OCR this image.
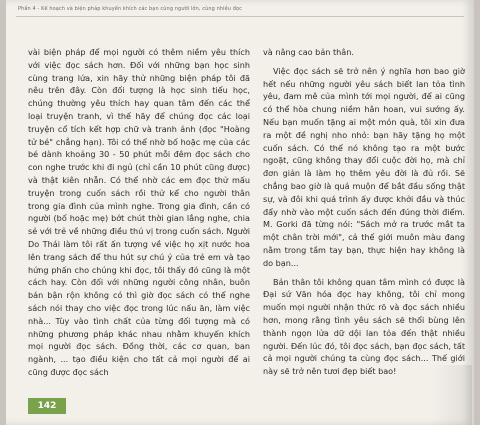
Phần 4 - Kế hoạch và biện pháp khuyến khích các bạn cùng người lớn, cùng nhiều đọc

vài biện pháp để mọi người có thêm niềm yêu thích với việc đọc sách hơn. Đối với những bạn học sinh cùng trang lứa, xin hãy thử những biện pháp tôi đã nêu trên đây. Còn đối tượng là học sinh tiểu học, chúng thường yêu thích hay quan tâm đến các thể loại truyện tranh, vì thế hãy để chúng đọc các loại truyện cổ tích kết hợp chữ và tranh ảnh (đọc "Hoàng tử bé" chẳng hạn). Tôi có thể nhờ bố hoặc mẹ của các bé dành khoảng 30 - 50 phút mỗi đêm đọc sách cho con nghe trước khi đi ngủ (chỉ cần 10 phút cũng được) và thật kiên nhẫn. Có thể nhờ các em đọc thử mấu truyện trong cuốn sách rồi thử kể cho người thân trong gia đình của mình nghe. Trong gia đình, cần có người (bố hoặc mẹ) bớt chút thời gian lắng nghe, chia sẻ với trẻ về những điều thú vị trong cuốn sách. Người Do Thái làm tôi rất ấn tượng về việc họ xịt nước hoa lên trang sách để thu hút sự chú ý của trẻ em và tạo hứng phấn cho chúng khi đọc, tôi thấy đó cũng là một cách hay. Còn đối với những người công nhân, buôn bán bận rộn không có thì giờ đọc sách có thể nghe sách nói thay cho việc đọc trong lúc nấu ăn, làm việc nhà... Tùy vào tình chất của từng đối tượng mà có những phương pháp khác nhau nhằm khuyến khích mọi người đọc sách. Đồng thời, các cơ quan, ban ngành, ... tạo điều kiện cho tất cả mọi người để ai cũng được đọc sách

và nâng cao bản thân.

Việc đọc sách sẽ trở nên ý nghĩa hơn bao giờ hết nếu những người yêu sách biết lan tỏa tình yêu, đam mê của mình tới mọi người, để ai cũng có thể hòa chung niềm hân hoan, vui sướng ấy. Nếu bạn muốn tặng ai một món quà, tôi xin đưa ra một đề nghị nho nhỏ: bạn hãy tặng họ một cuốn sách. Có thể nó không tạo ra một bước ngoặt, cũng không thay đổi cuộc đời họ, mà chỉ đơn giản là làm họ thêm yêu đời là đủ rồi. Sẽ chẳng bao giờ là quá muộn để bắt đầu sống thật sự, và đôi khi quá trình ấy được khởi đầu và thúc đẩy nhờ vào một cuốn sách đến đúng thời điểm. M. Gorki đã từng nói: "Sách mở ra trước mắt ta một chân trời mới", cả thế giới muôn màu đang nằm trong tầm tay bạn, thực hiện hay không là do bạn...

Bản thân tôi không quan tâm mình có được là Đại sứ Văn hóa đọc hay không, tôi chỉ mong muốn mọi người nhận thức rõ và đọc sách nhiều hơn, mong rằng tình yêu sách sẽ thổi bùng lên thành ngọn lửa dữ dội lan tỏa đến thật nhiều người. Đến lúc đó, tôi đọc sách, bạn đọc sách, tất cả mọi người chúng ta cùng đọc sách... Thế giới này sẽ trở nên tươi đẹp biết bao!

142
